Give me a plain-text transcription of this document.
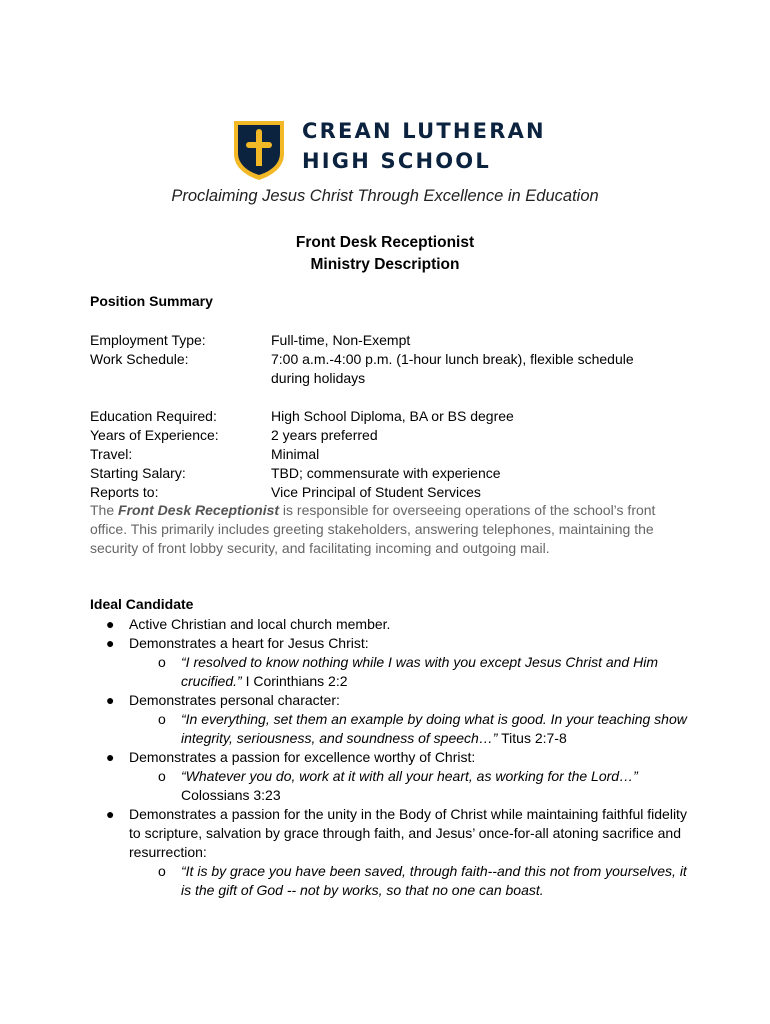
CREAN LUTHERAN
HIGH SCHOOL
Proclaiming Jesus Christ Through Excellence in Education
Front Desk Receptionist
Ministry Description
Position Summary
Employment Type:	Full-time, Non-Exempt
Work Schedule:	7:00 a.m.-4:00 p.m. (1-hour lunch break), flexible schedule during holidays
Education Required:	High School Diploma, BA or BS degree
Years of Experience:	2 years preferred
Travel:	Minimal
Starting Salary:	TBD; commensurate with experience
Reports to:	Vice Principal of Student Services
The Front Desk Receptionist is responsible for overseeing operations of the school’s front office. This primarily includes greeting stakeholders, answering telephones, maintaining the security of front lobby security, and facilitating incoming and outgoing mail.
Ideal Candidate
● Active Christian and local church member.
● Demonstrates a heart for Jesus Christ:
o “I resolved to know nothing while I was with you except Jesus Christ and Him crucified.” I Corinthians 2:2
● Demonstrates personal character:
o “In everything, set them an example by doing what is good. In your teaching show integrity, seriousness, and soundness of speech…” Titus 2:7-8
● Demonstrates a passion for excellence worthy of Christ:
o “Whatever you do, work at it with all your heart, as working for the Lord…” Colossians 3:23
● Demonstrates a passion for the unity in the Body of Christ while maintaining faithful fidelity to scripture, salvation by grace through faith, and Jesus’ once-for-all atoning sacrifice and resurrection:
o “It is by grace you have been saved, through faith--and this not from yourselves, it is the gift of God -- not by works, so that no one can boast.
